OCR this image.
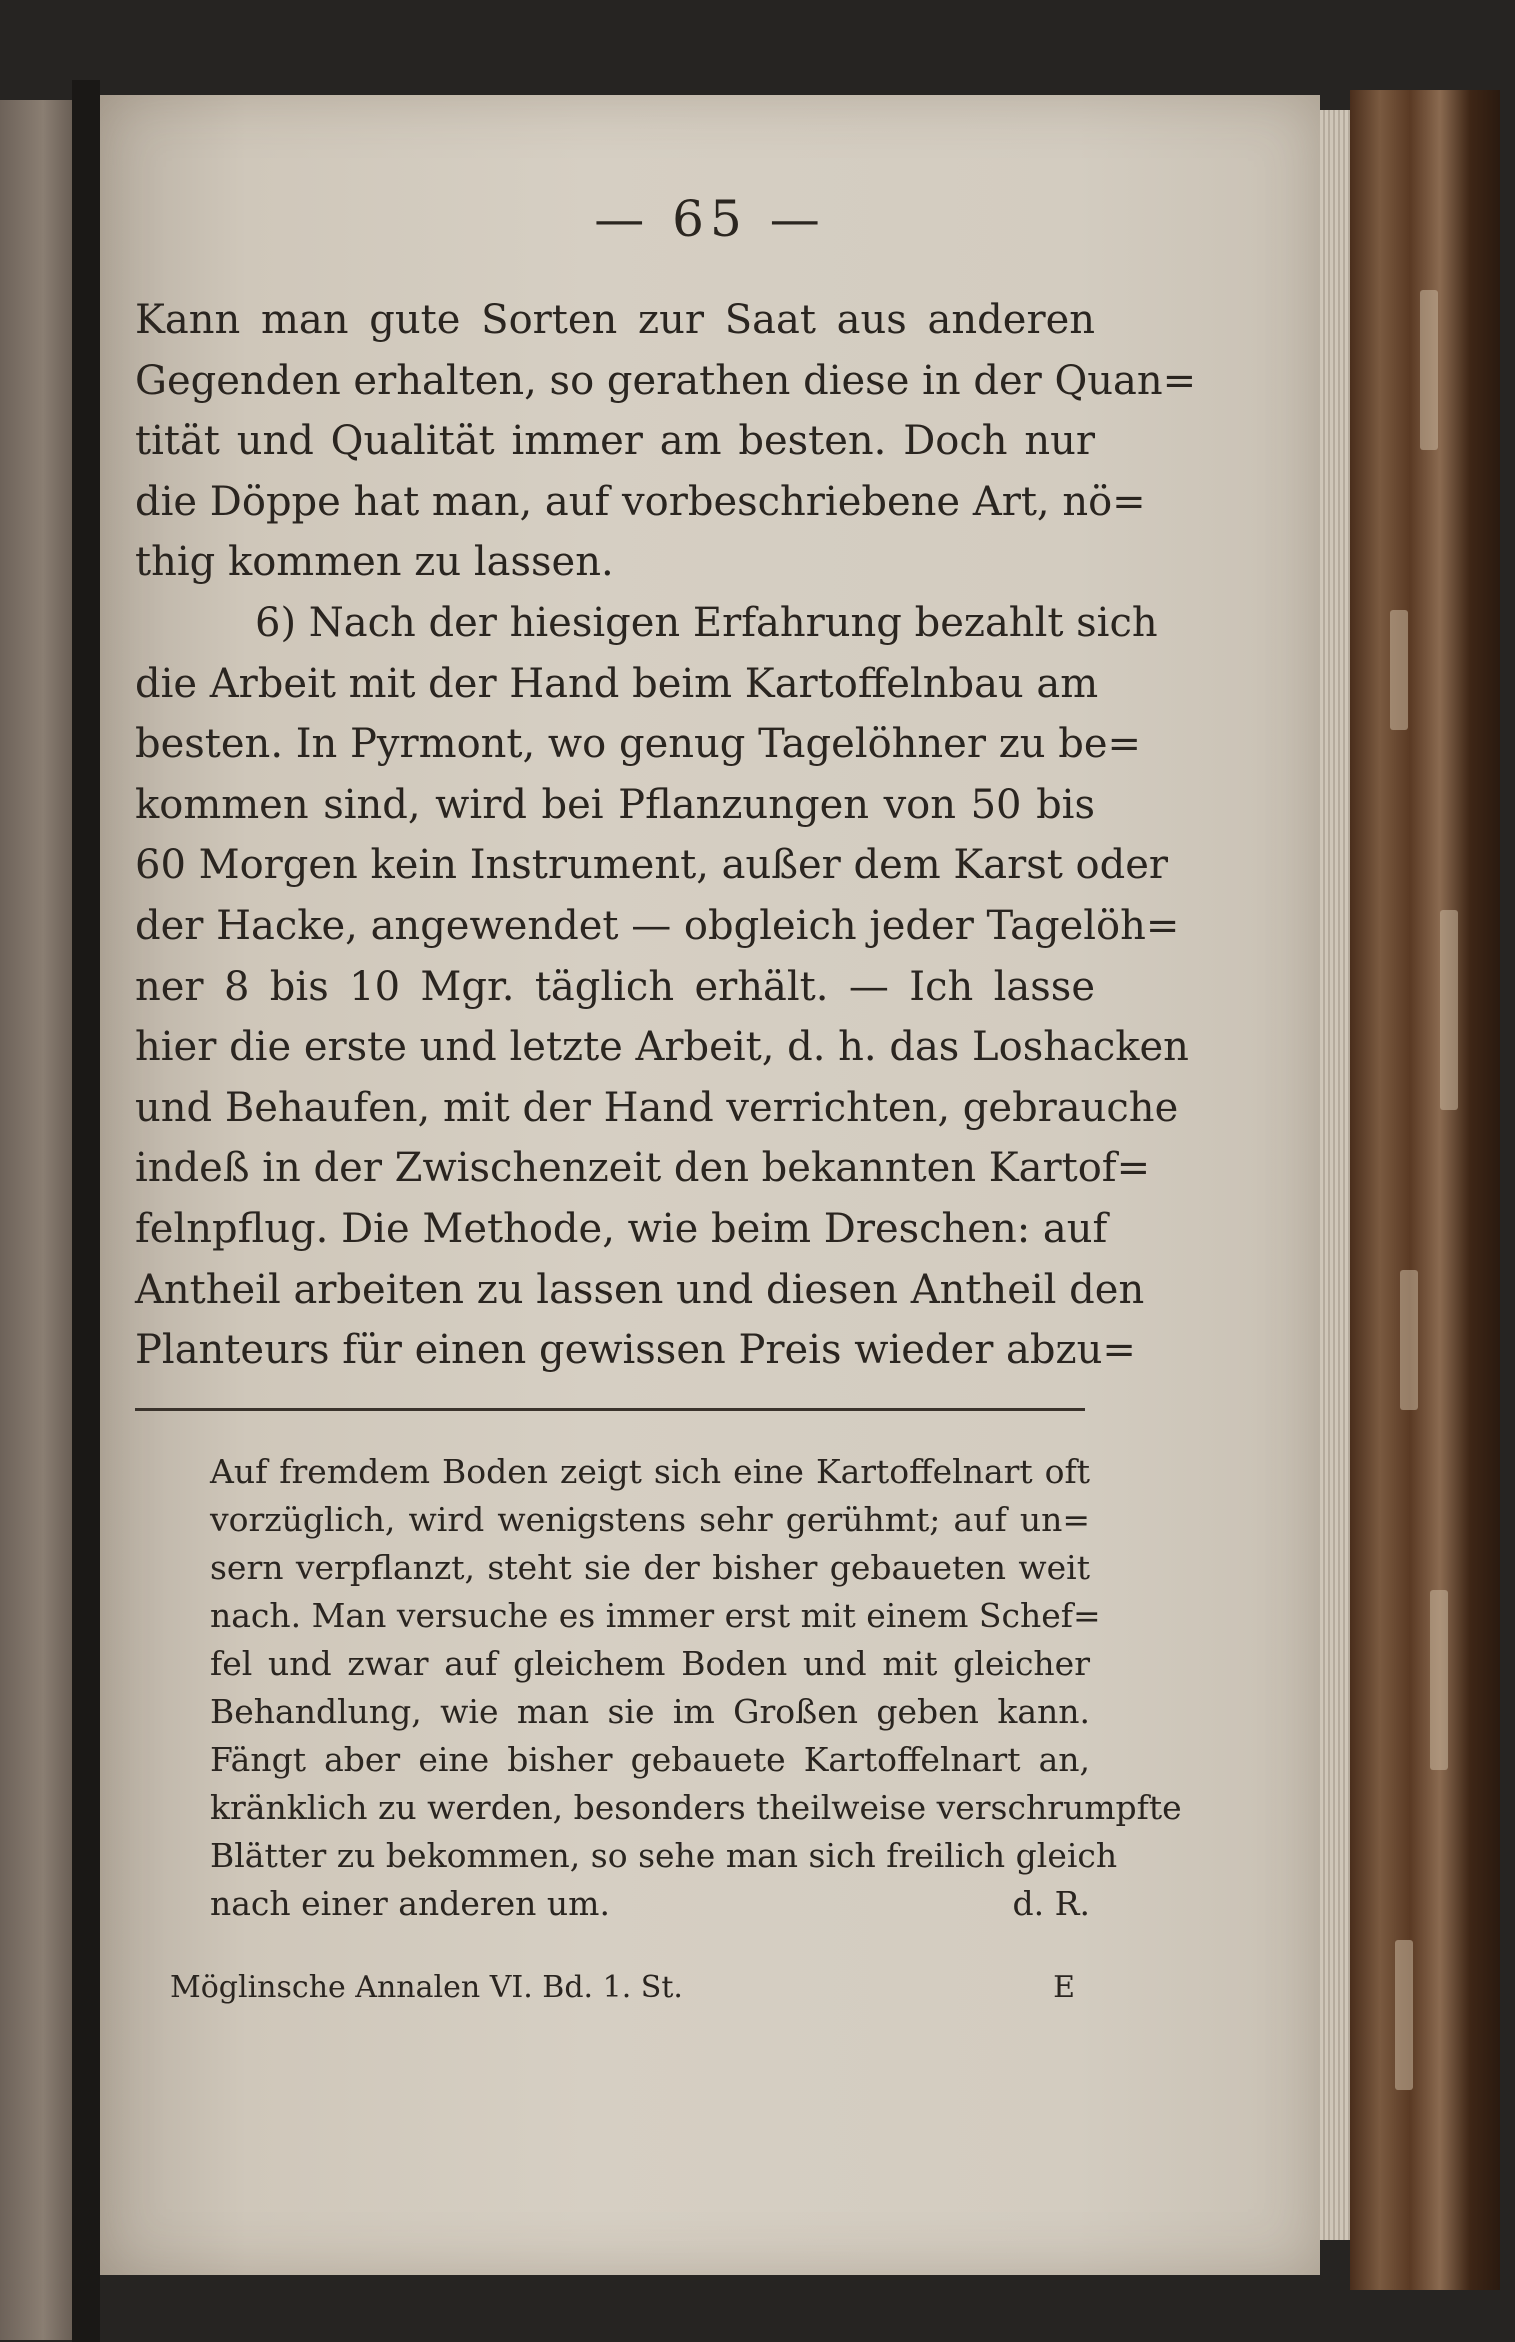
— 65 —
Kann man gute Sorten zur Saat aus anderen
Gegenden erhalten, so gerathen diese in der Quan=
tität und Qualität immer am besten. Doch nur
die Döppe hat man, auf vorbeschriebene Art, nö=
thig kommen zu lassen.
6) Nach der hiesigen Erfahrung bezahlt sich
die Arbeit mit der Hand beim Kartoffelnbau am
besten. In Pyrmont, wo genug Tagelöhner zu be=
kommen sind, wird bei Pflanzungen von 50 bis
60 Morgen kein Instrument, außer dem Karst oder
der Hacke, angewendet — obgleich jeder Tagelöh=
ner 8 bis 10 Mgr. täglich erhält. — Ich lasse
hier die erste und letzte Arbeit, d. h. das Loshacken
und Behaufen, mit der Hand verrichten, gebrauche
indeß in der Zwischenzeit den bekannten Kartof=
felnpflug. Die Methode, wie beim Dreschen: auf
Antheil arbeiten zu lassen und diesen Antheil den
Planteurs für einen gewissen Preis wieder abzu=
Auf fremdem Boden zeigt sich eine Kartoffelnart oft
vorzüglich, wird wenigstens sehr gerühmt; auf un=
sern verpflanzt, steht sie der bisher gebaueten weit
nach. Man versuche es immer erst mit einem Schef=
fel und zwar auf gleichem Boden und mit gleicher
Behandlung, wie man sie im Großen geben kann.
Fängt aber eine bisher gebauete Kartoffelnart an,
kränklich zu werden, besonders theilweise verschrumpfte
Blätter zu bekommen, so sehe man sich freilich gleich
nach einer anderen um.	d. R.
Möglinsche Annalen VI. Bd. 1. St.	E
